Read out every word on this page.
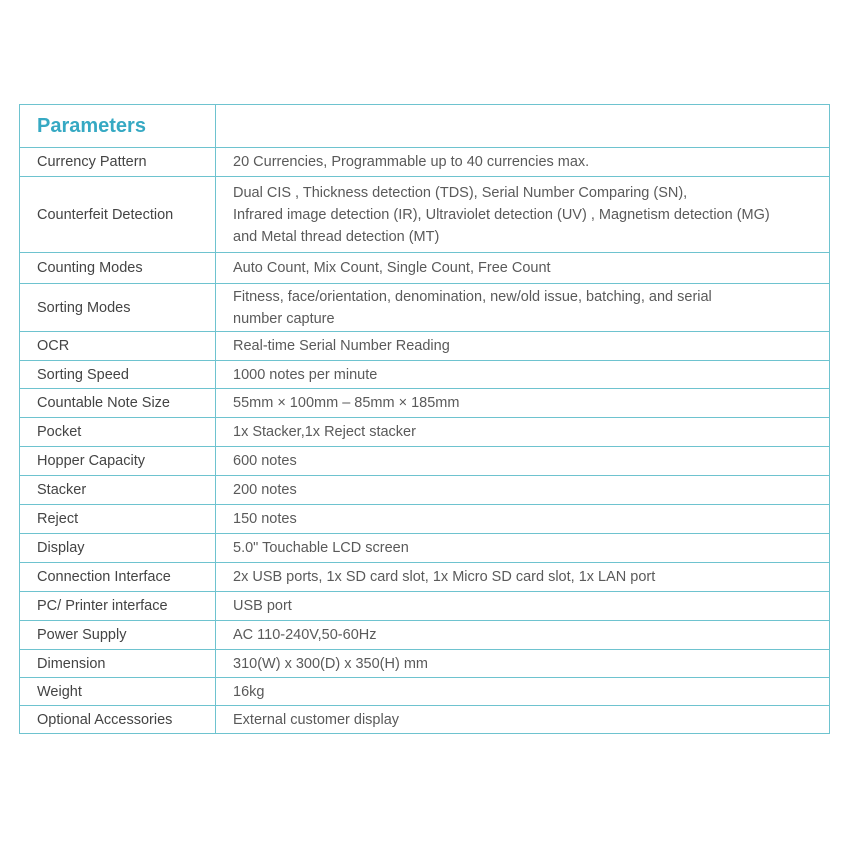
Parameters	
Currency Pattern	20 Currencies, Programmable up to 40 currencies max.

Counterfeit Detection	Dual CIS , Thickness detection (TDS), Serial Number Comparing (SN),
Infrared image detection (IR), Ultraviolet detection (UV) , Magnetism detection (MG)
and Metal thread detection (MT)

Counting Modes	Auto Count, Mix Count, Single Count, Free Count

Sorting Modes	Fitness, face/orientation, denomination, new/old issue, batching, and serial
number capture

OCR	Real-time Serial Number Reading

Sorting Speed	1000 notes per minute

Countable Note Size	55mm × 100mm – 85mm × 185mm

Pocket	1x Stacker,1x Reject stacker

Hopper Capacity	600 notes

Stacker	200 notes

Reject	150 notes

Display	5.0" Touchable LCD screen

Connection Interface	2x USB ports, 1x SD card slot, 1x Micro SD card slot, 1x LAN port

PC/ Printer interface	USB port

Power Supply	AC 110-240V,50-60Hz

Dimension	310(W) x 300(D) x 350(H) mm

Weight	16kg

Optional Accessories	External customer display
